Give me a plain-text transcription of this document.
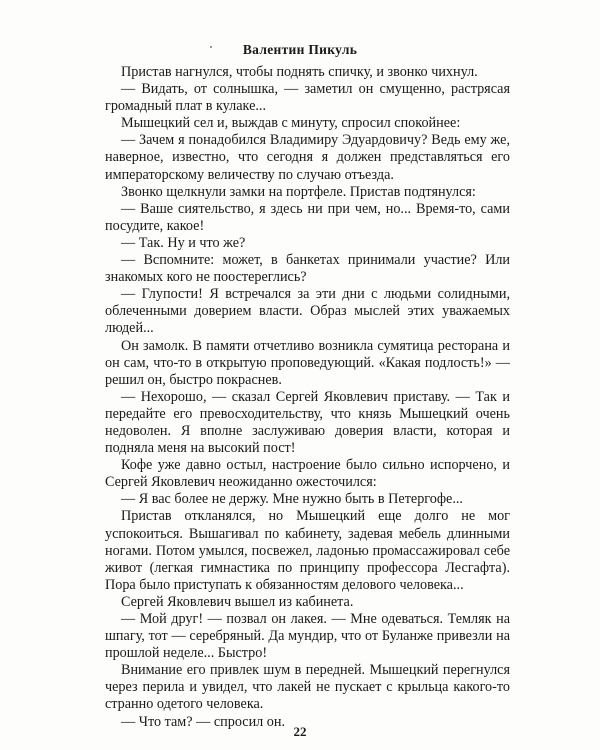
Валентин Пикуль

Пристав нагнулся, чтобы поднять спичку, и звонко чихнул.

— Видать, от солнышка, — заметил он смущенно, растрясая громадный плат в кулаке...

Мышецкий сел и, выждав с минуту, спросил спокойнее:

— Зачем я понадобился Владимиру Эдуардовичу? Ведь ему же, наверное, известно, что сегодня я должен представляться его императорскому величеству по случаю отъезда.

Звонко щелкнули замки на портфеле. Пристав подтянулся:

— Ваше сиятельство, я здесь ни при чем, но... Время-то, сами посудите, какое!

— Так. Ну и что же?

— Вспомните: может, в банкетах принимали участие? Или знакомых кого не поостереглись?

— Глупости! Я встречался за эти дни с людьми солидными, облеченными доверием власти. Образ мыслей этих уважаемых людей...

Он замолк. В памяти отчетливо возникла сумятица ресторана и он сам, что-то в открытую проповедующий. «Какая подлость!» — решил он, быстро покраснев.

— Нехорошо, — сказал Сергей Яковлевич приставу. — Так и передайте его превосходительству, что князь Мышецкий очень недоволен. Я вполне заслуживаю доверия власти, которая и подняла меня на высокий пост!

Кофе уже давно остыл, настроение было сильно испорчено, и Сергей Яковлевич неожиданно ожесточился:

— Я вас более не держу. Мне нужно быть в Петергофе...

Пристав откланялся, но Мышецкий еще долго не мог успокоиться. Вышагивал по кабинету, задевая мебель длинными ногами. Потом умылся, посвежел, ладонью промассажировал себе живот (легкая гимнастика по принципу профессора Лесгафта). Пора было приступать к обязанностям делового человека...

Сергей Яковлевич вышел из кабинета.

— Мой друг! — позвал он лакея. — Мне одеваться. Темляк на шпагу, тот — серебряный. Да мундир, что от Буланже привезли на прошлой неделе... Быстро!

Внимание его привлек шум в передней. Мышецкий перегнулся через перила и увидел, что лакей не пускает с крыльца какого-то странно одетого человека.

— Что там? — спросил он.

22
